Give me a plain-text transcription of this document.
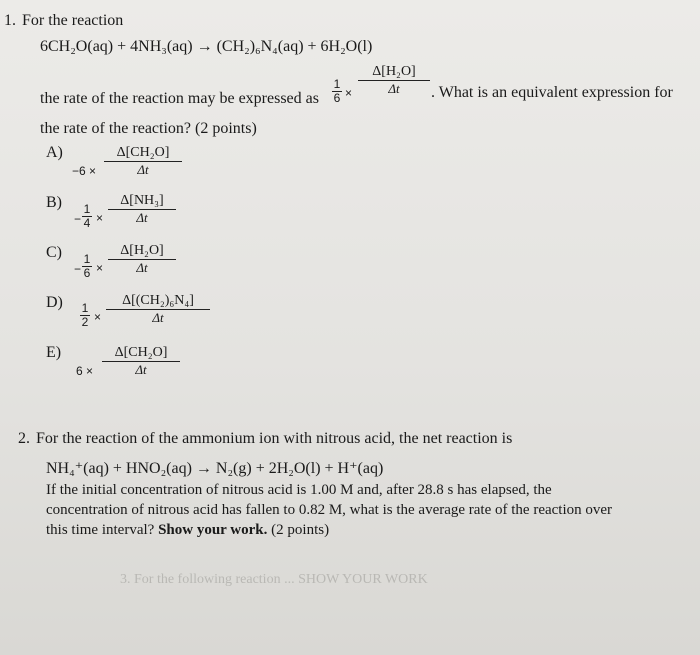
1. For the reaction
6CH₂O(aq) + 4NH₃(aq) → (CH₂)₆N₄(aq) + 6H₂O(l)
the rate of the reaction may be expressed as
1
6 ×
Δ[H₂O]
Δt	. What is an equivalent expression for
the rate of the reaction? (2 points)
A)
−6 ×
Δ[CH₂O]
Δt
B)
−
1
4 ×
Δ[NH₃]
Δt
C)
−
1
6 ×
Δ[H₂O]
Δt
D) 1
2 ×
Δ[(CH₂)₆N₄]
Δt
E)
6 ×
Δ[CH₂O]
Δt
2. For the reaction of the ammonium ion with nitrous acid, the net reaction is
NH₄⁺(aq) + HNO₂(aq) → N₂(g) + 2H₂O(l) + H⁺(aq)
If the initial concentration of nitrous acid is 1.00 M and, after 28.8 s has elapsed, the
concentration of nitrous acid has fallen to 0.82 M, what is the average rate of the reaction over
this time interval? Show your work. (2 points)
3. For the following reaction ... SHOW YOUR WORK
